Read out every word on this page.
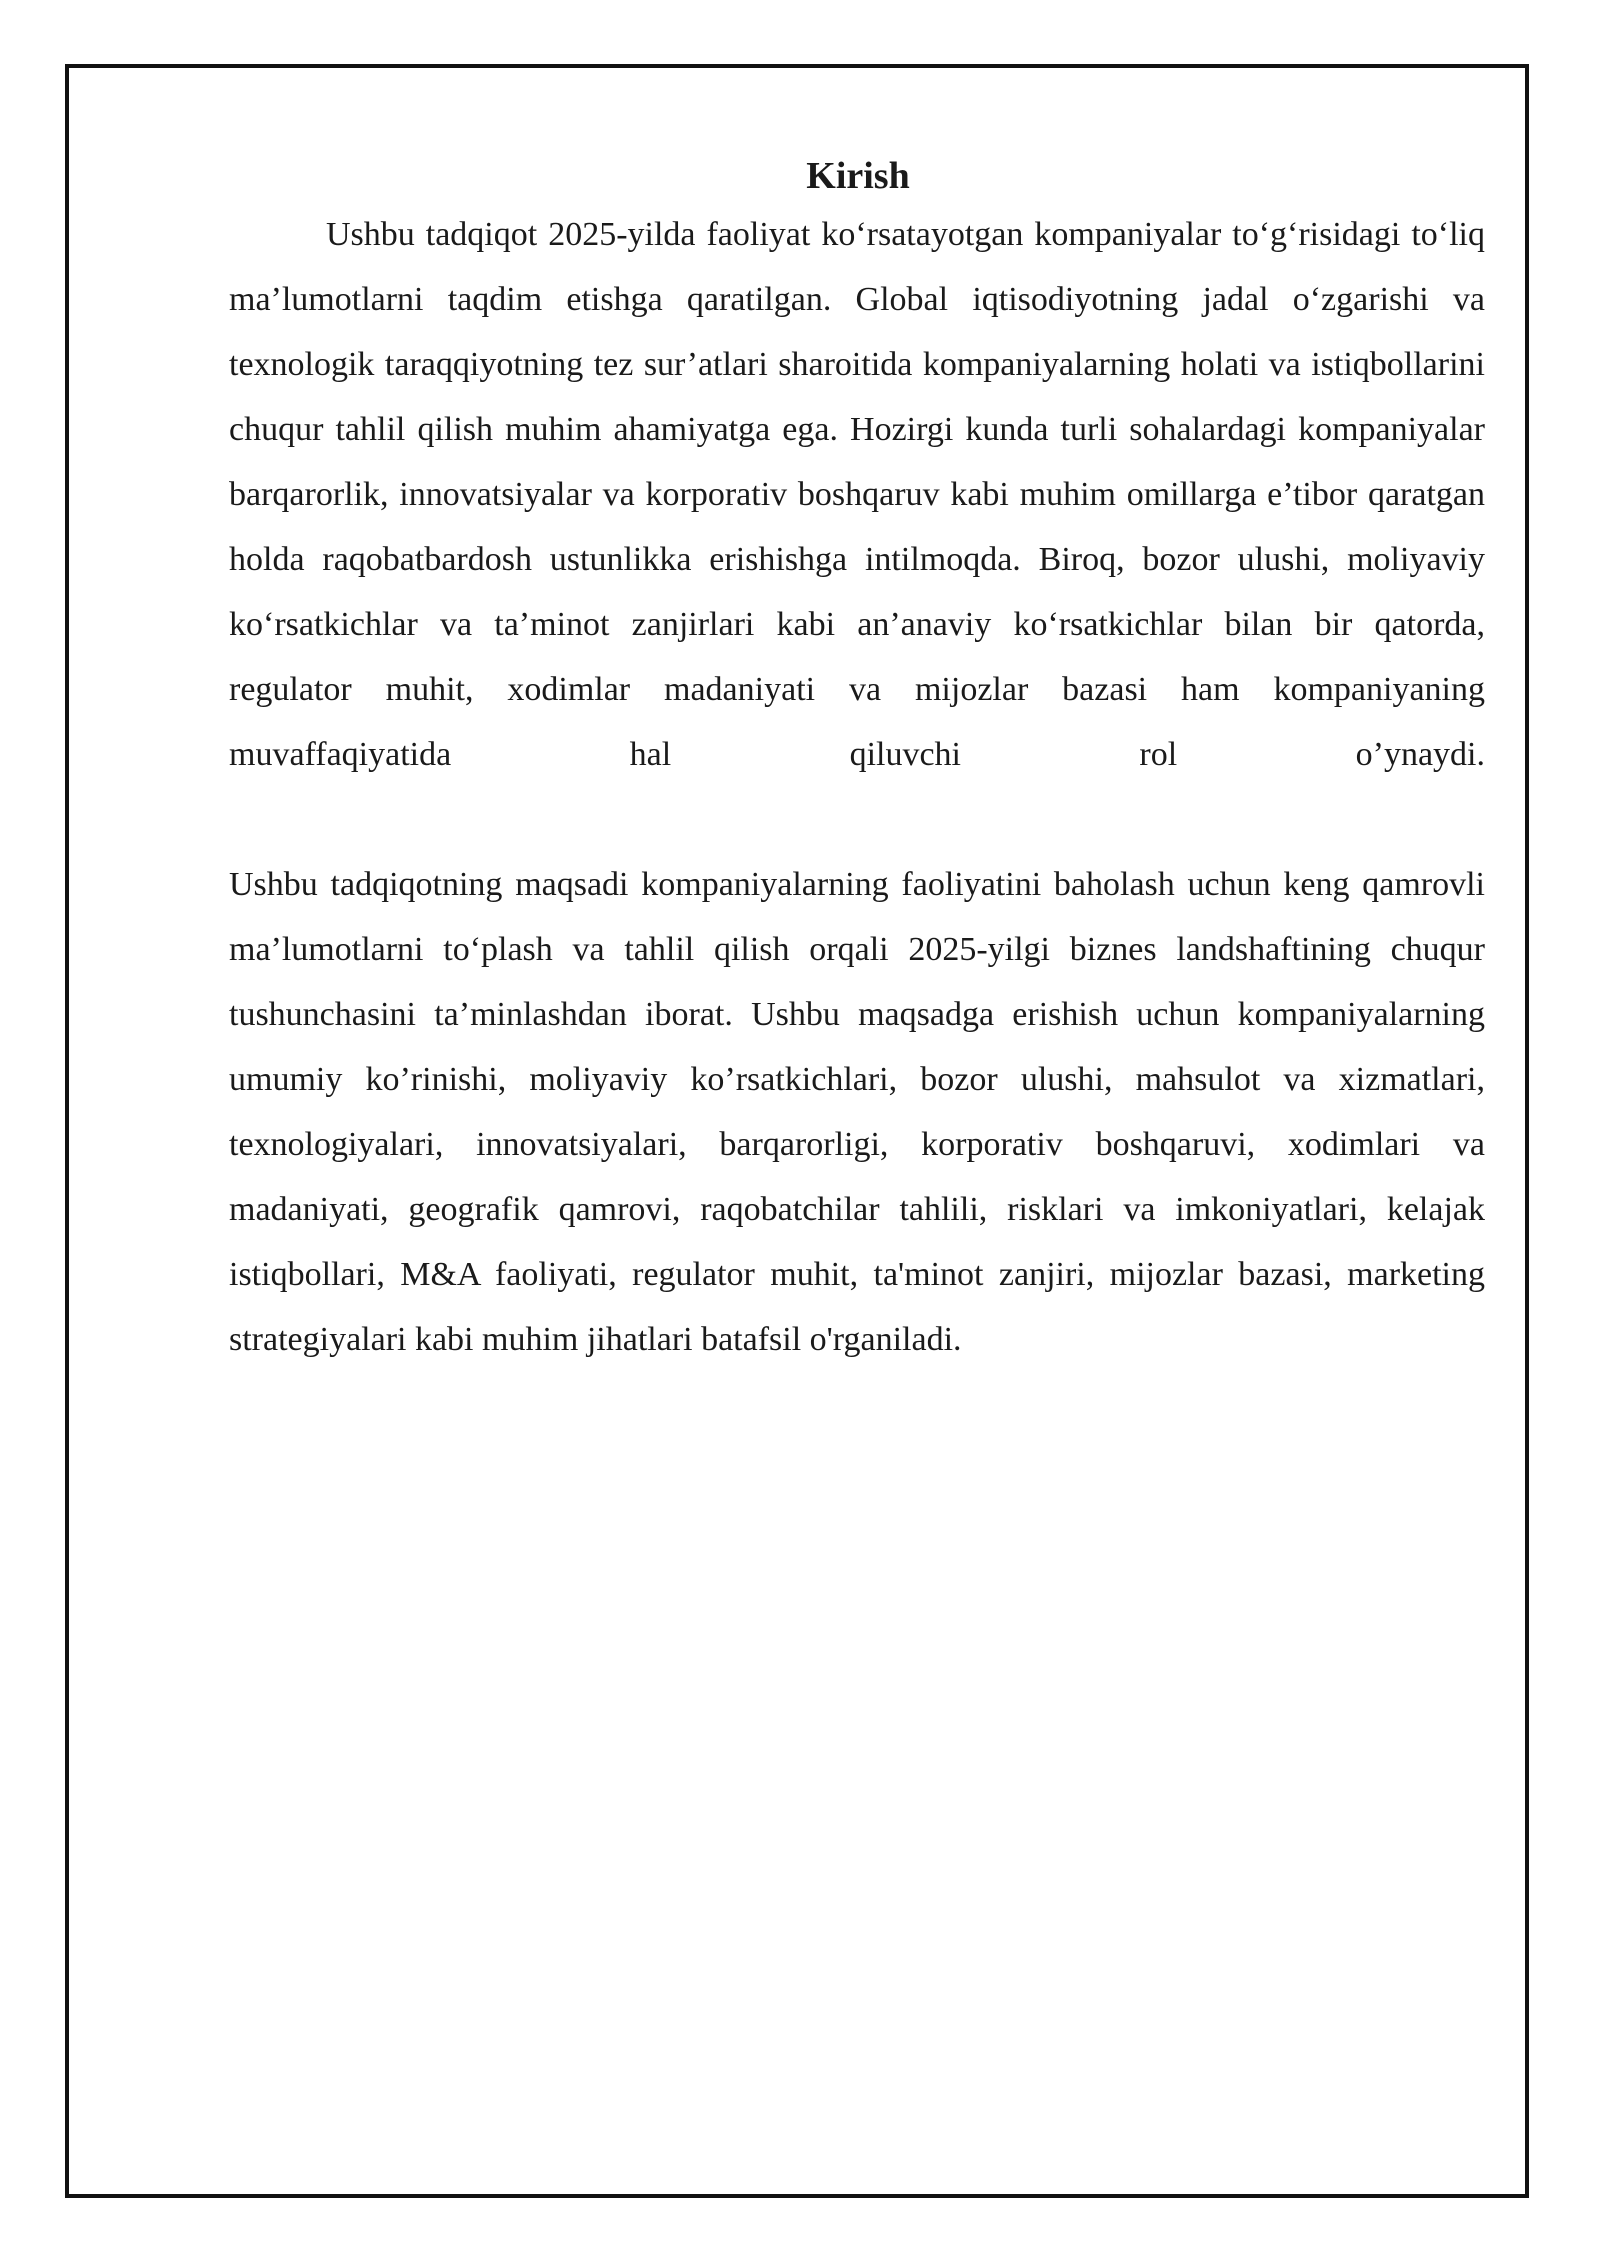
Kirish

Ushbu tadqiqot 2025-yilda faoliyat ko‘rsatayotgan kompaniyalar to‘g‘risidagi to‘liq ma’lumotlarni taqdim etishga qaratilgan. Global iqtisodiyotning jadal o‘zgarishi va texnologik taraqqiyotning tez sur’atlari sharoitida kompaniyalarning holati va istiqbollarini chuqur tahlil qilish muhim ahamiyatga ega. Hozirgi kunda turli sohalardagi kompaniyalar barqarorlik, innovatsiyalar va korporativ boshqaruv kabi muhim omillarga e’tibor qaratgan holda raqobatbardosh ustunlikka erishishga intilmoqda. Biroq, bozor ulushi, moliyaviy ko‘rsatkichlar va ta’minot zanjirlari kabi an’anaviy ko‘rsatkichlar bilan bir qatorda, regulator muhit, xodimlar madaniyati va mijozlar bazasi ham kompaniyaning muvaffaqiyatida hal qiluvchi rol o’ynaydi.

Ushbu tadqiqotning maqsadi kompaniyalarning faoliyatini baholash uchun keng qamrovli ma’lumotlarni to‘plash va tahlil qilish orqali 2025-yilgi biznes landshaftining chuqur tushunchasini ta’minlashdan iborat. Ushbu maqsadga erishish uchun kompaniyalarning umumiy ko’rinishi, moliyaviy ko’rsatkichlari, bozor ulushi, mahsulot va xizmatlari, texnologiyalari, innovatsiyalari, barqarorligi, korporativ boshqaruvi, xodimlari va madaniyati, geografik qamrovi, raqobatchilar tahlili, risklari va imkoniyatlari, kelajak istiqbollari, M&A faoliyati, regulator muhit, ta'minot zanjiri, mijozlar bazasi, marketing strategiyalari kabi muhim jihatlari batafsil o'rganiladi.
